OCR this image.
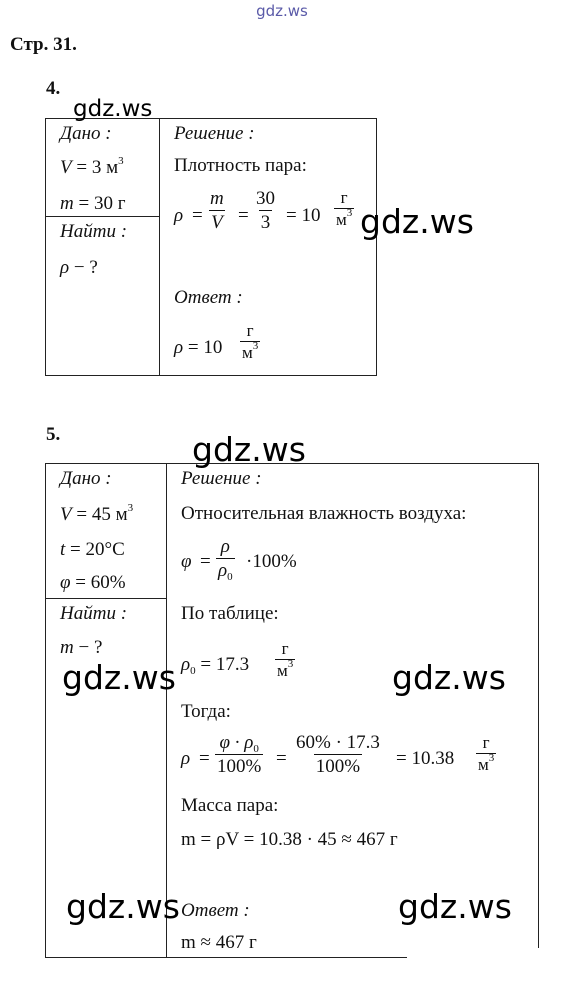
gdz.ws
Стр. 31.
4.
Дано :
V = 3 $м^3$
m = 30 г
Найти :
ρ − ?
Решение :
Плотность пара:
$\rho = \frac{m}{V} = \frac{30}{3} = 10$
г
$м^3$
Ответ :
ρ = 10
г
$м^3$
5.
Дано :
V = 45 $м^3$
t = 20°C
φ = 60%
Найти :
m − ?
Решение :
Относительная влажность воздуха:
$\varphi = \frac{\rho}{\rho_0} \cdot 100\%$
По таблице:
$\rho_0 = 17.3$
г
$м^3$
Тогда:
$\rho = \frac{\varphi \cdot \rho_0}{100\%} = \frac{60\% \cdot 17.3}{100\%} = 10.38$
г
$м^3$
Масса пара:
m = ρV = 10.38 · 45 ≈ 467 г
Ответ :
m ≈ 467 г
gdz.ws
gdz.ws
gdz.ws
gdz.ws	gdz.ws
gdz.ws	gdz.ws
